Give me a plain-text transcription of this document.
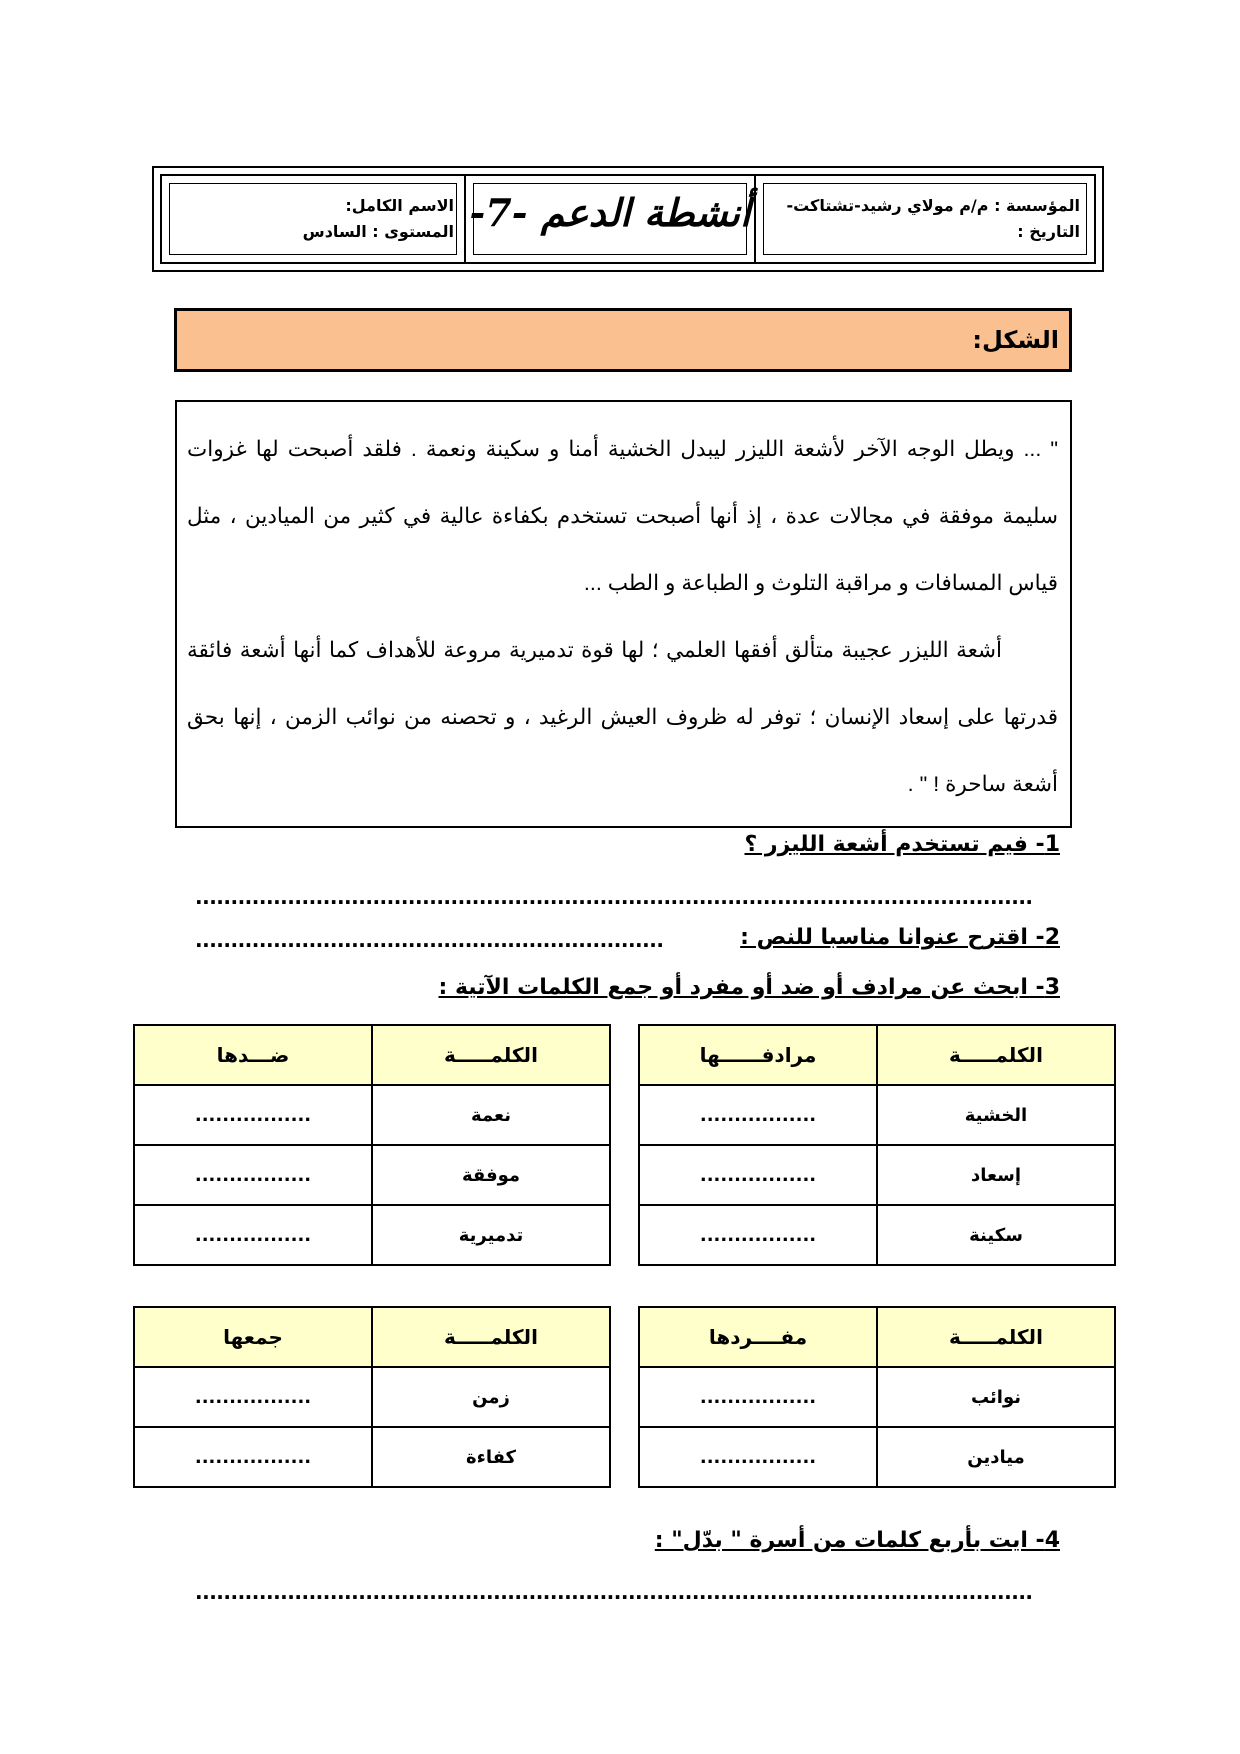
الاسم الكامل:
المستوى : السادس	أنشطة الدعم -7- المؤسسة : م/م مولاي رشيد-تشتاكت-
التاريخ :
الشكل:

" ... ويطل الوجه الآخر لأشعة الليزر ليبدل الخشية أمنا و سكينة ونعمة . فلقد أصبحت لها غزوات سليمة موفقة في مجالات عدة ، إذ أنها أصبحت تستخدم بكفاءة عالية في كثير من الميادين ، مثل قياس المسافات و مراقبة التلوث و الطباعة و الطب ...

أشعة الليزر عجيبة متألق أفقها العلمي ؛ لها قوة تدميرية مروعة للأهداف كما أنها أشعة فائقة قدرتها على إسعاد الإنسان ؛ توفر له ظروف العيش الرغيد ، و تحصنه من نوائب الزمن ، إنها بحق أشعة ساحرة ! " .

1- فيم تستخدم أشعة الليزر ؟
......................................................................................................................
2- اقترح عنوانا مناسبا للنص :
..................................................................
3- ابحث عن مرادف أو ضد أو مفرد أو جمع الكلمات الآتية :
الكلمـــــة	مرادفــــــها
الخشية	.................
إسعاد	.................
سكينة	.................
الكلمـــــة	ضـــدها
نعمة	.................
موفقة	.................
تدميرية	.................
الكلمـــــة	مفــــردها
نوائب	.................
ميادين	.................
الكلمـــــة	جمعها
زمن	.................
كفاءة	.................
4- ايت بأربع كلمات من أسرة " بدّل" :
......................................................................................................................
